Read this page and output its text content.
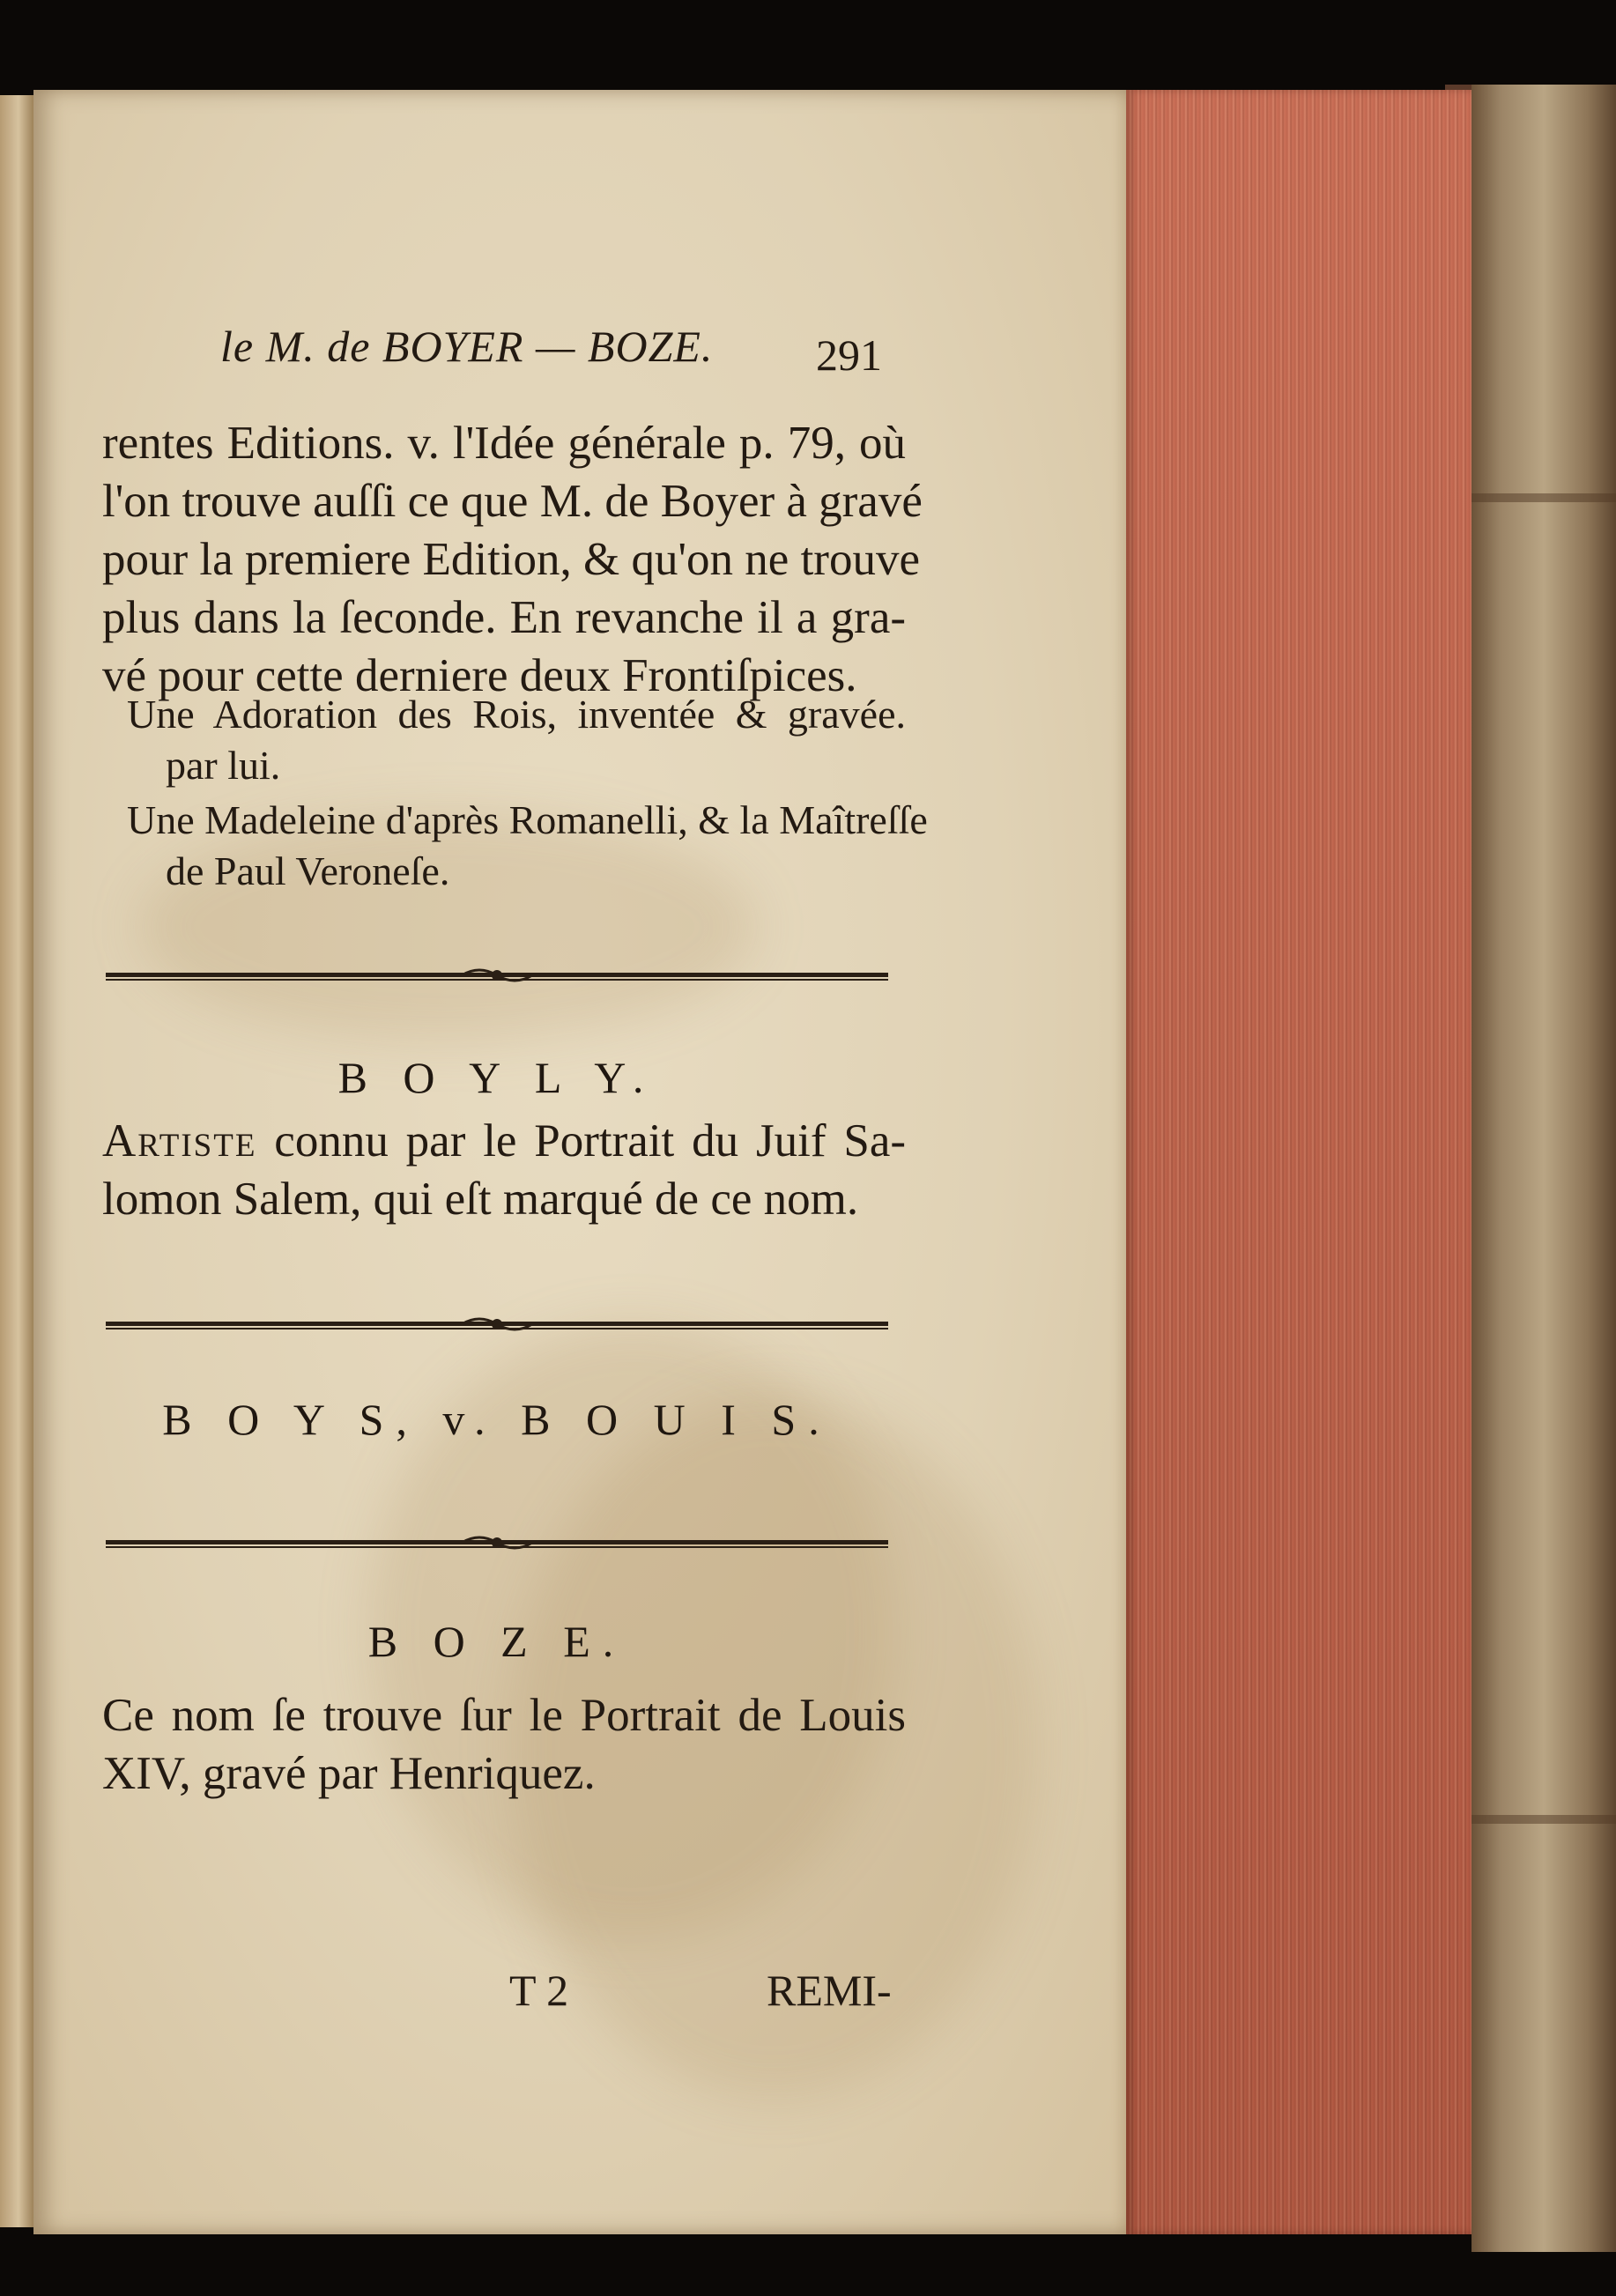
le M. de BOYER — BOZE. 291
rentes Editions. v. l'Idée générale p. 79, où
l'on trouve auſſi ce que M. de Boyer à gravé
pour la premiere Edition, & qu'on ne trouve
plus dans la ſeconde. En revanche il a gra-
vé pour cette derniere deux Frontiſpices.
Une Adoration des Rois, inventée & gravée.
par lui.
Une Madeleine d'après Romanelli, & la Maîtreſſe
de Paul Veroneſe.
B O Y L Y.
Artiste connu par le Portrait du Juif Sa-
lomon Salem, qui eſt marqué de ce nom.
B O Y S, v. B O U I S.
B O Z E.
Ce nom ſe trouve ſur le Portrait de Louis
XIV, gravé par Henriquez.
T 2	REMI-
